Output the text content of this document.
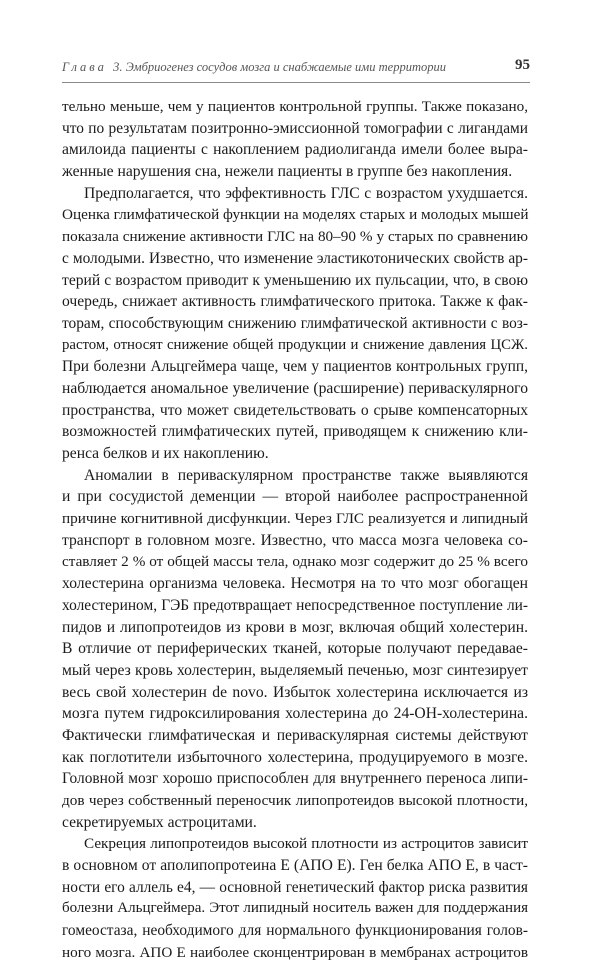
Глава 3. Эмбриогенез сосудов мозга и снабжаемые ими территории	95
тельно меньше, чем у пациентов контрольной группы. Также показано,
что по результатам позитронно-эмиссионной томографии с лигандами
амилоида пациенты с накоплением радиолиганда имели более выра-
женные нарушения сна, нежели пациенты в группе без накопления.
Предполагается, что эффективность ГЛС с возрастом ухудшается.
Оценка глимфатической функции на моделях старых и молодых мышей
показала снижение активности ГЛС на 80–90 % у старых по сравнению
с молодыми. Известно, что изменение эластикотонических свойств ар-
терий с возрастом приводит к уменьшению их пульсации, что, в свою
очередь, снижает активность глимфатического притока. Также к фак-
торам, способствующим снижению глимфатической активности с воз-
растом, относят снижение общей продукции и снижение давления ЦСЖ.
При болезни Альцгеймера чаще, чем у пациентов контрольных групп,
наблюдается аномальное увеличение (расширение) периваскулярного
пространства, что может свидетельствовать о срыве компенсаторных
возможностей глимфатических путей, приводящем к снижению кли-
ренса белков и их накоплению.
Аномалии в периваскулярном пространстве также выявляются
и при сосудистой деменции — второй наиболее распространенной
причине когнитивной дисфункции. Через ГЛС реализуется и липидный
транспорт в головном мозге. Известно, что масса мозга человека со-
ставляет 2 % от общей массы тела, однако мозг содержит до 25 % всего
холестерина организма человека. Несмотря на то что мозг обогащен
холестерином, ГЭБ предотвращает непосредственное поступление ли-
пидов и липопротеидов из крови в мозг, включая общий холестерин.
В отличие от периферических тканей, которые получают передавае-
мый через кровь холестерин, выделяемый печенью, мозг синтезирует
весь свой холестерин de novo. Избыток холестерина исключается из
мозга путем гидроксилирования холестерина до 24-ОН-холестерина.
Фактически глимфатическая и периваскулярная системы действуют
как поглотители избыточного холестерина, продуцируемого в мозге.
Головной мозг хорошо приспособлен для внутреннего переноса липи-
дов через собственный переносчик липопротеидов высокой плотности,
секретируемых астроцитами.
Секреция липопротеидов высокой плотности из астроцитов зависит
в основном от аполипопротеина Е (АПО Е). Ген белка АПО Е, в част-
ности его аллель е4, — основной генетический фактор риска развития
болезни Альцгеймера. Этот липидный носитель важен для поддержания
гомеостаза, необходимого для нормального функционирования голов-
ного мозга. АПО Е наиболее сконцентрирован в мембранах астроцитов
